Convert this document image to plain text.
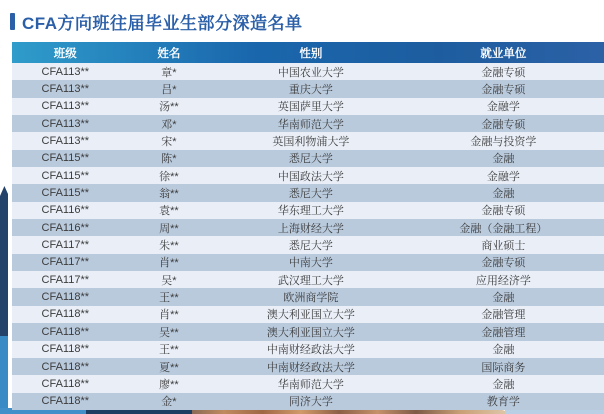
CFA方向班往届毕业生部分深造名单
班级	姓名	性别	就业单位
CFA113**	章*	中国农业大学	金融专硕
CFA113**	吕*	重庆大学	金融专硕
CFA113**	汤**	英国萨里大学	金融学
CFA113**	邓*	华南师范大学	金融专硕
CFA113**	宋*	英国利物浦大学	金融与投资学
CFA115**	陈*	悉尼大学	金融
CFA115**	徐**	中国政法大学	金融学
CFA115**	翁**	悉尼大学	金融
CFA116**	袁**	华东理工大学	金融专硕
CFA116**	周**	上海财经大学	金融（金融工程）
CFA117**	朱**	悉尼大学	商业硕士
CFA117**	肖**	中南大学	金融专硕
CFA117**	吴*	武汉理工大学	应用经济学
CFA118**	王**	欧洲商学院	金融
CFA118**	肖**	澳大利亚国立大学	金融管理
CFA118**	吴**	澳大利亚国立大学	金融管理
CFA118**	王**	中南财经政法大学	金融
CFA118**	夏**	中南财经政法大学	国际商务
CFA118**	廖**	华南师范大学	金融
CFA118**	金*	同济大学	教育学
